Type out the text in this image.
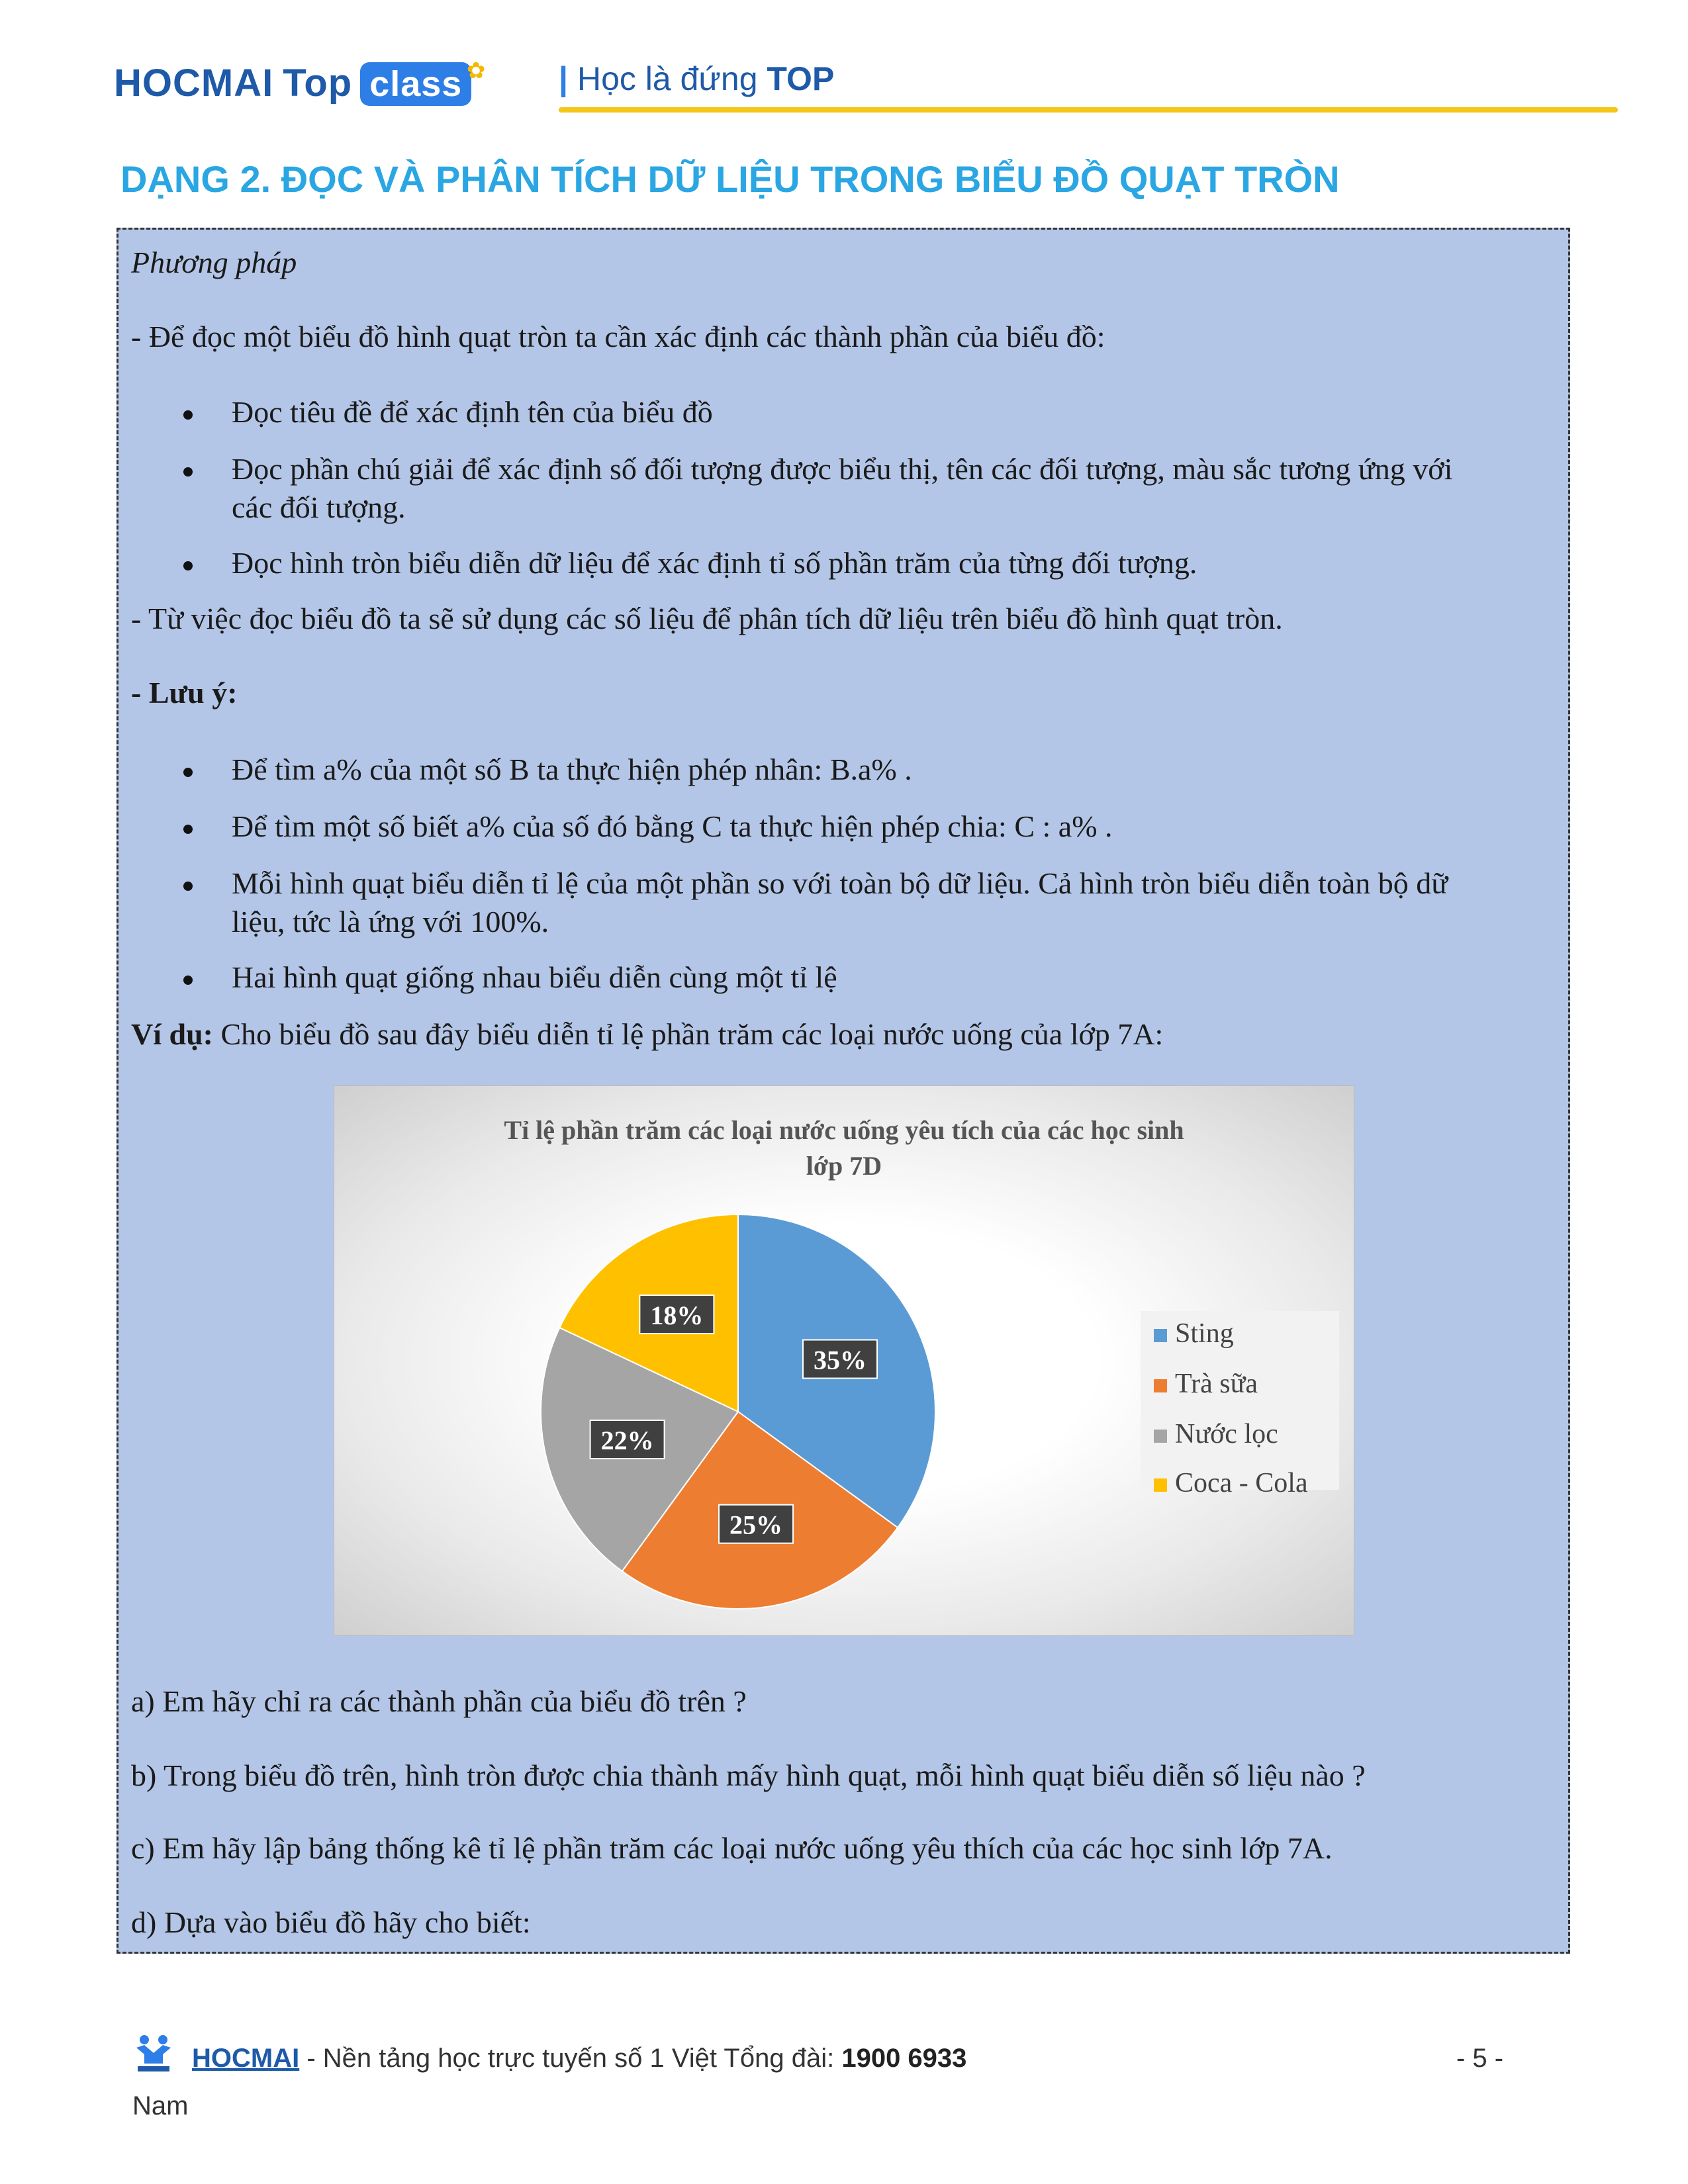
HOCMAI Top class ✿ | Học là đứng TOP
DẠNG 2. ĐỌC VÀ PHÂN TÍCH DỮ LIỆU TRONG BIỂU ĐỒ QUẠT TRÒN
Phương pháp
- Để đọc một biểu đồ hình quạt tròn ta cần xác định các thành phần của biểu đồ:
Đọc tiêu đề để xác định tên của biểu đồ
Đọc phần chú giải để xác định số đối tượng được biểu thị, tên các đối tượng, màu sắc tương ứng với
các đối tượng.
Đọc hình tròn biểu diễn dữ liệu để xác định tỉ số phần trăm của từng đối tượng.
- Từ việc đọc biểu đồ ta sẽ sử dụng các số liệu để phân tích dữ liệu trên biểu đồ hình quạt tròn.
- Lưu ý:
Để tìm a% của một số B ta thực hiện phép nhân: B.a% .
Để tìm một số biết a% của số đó bằng C ta thực hiện phép chia: C : a% .
Mỗi hình quạt biểu diễn tỉ lệ của một phần so với toàn bộ dữ liệu. Cả hình tròn biểu diễn toàn bộ dữ
liệu, tức là ứng với 100%.
Hai hình quạt giống nhau biểu diễn cùng một tỉ lệ
Ví dụ: Cho biểu đồ sau đây biểu diễn tỉ lệ phần trăm các loại nước uống của lớp 7A:
Tỉ lệ phần trăm các loại nước uống yêu tích của các học sinh
lớp 7D
35%
25%
22%
18%
Sting
Trà sữa
Nước lọc
Coca - Cola
a) Em hãy chỉ ra các thành phần của biểu đồ trên ?
b) Trong biểu đồ trên, hình tròn được chia thành mấy hình quạt, mỗi hình quạt biểu diễn số liệu nào ?
c) Em hãy lập bảng thống kê tỉ lệ phần trăm các loại nước uống yêu thích của các học sinh lớp 7A.
d) Dựa vào biểu đồ hãy cho biết:
HOCMAI - Nền tảng học trực tuyến số 1 Việt Tổng đài: 1900 6933
Nam
- 5 -
